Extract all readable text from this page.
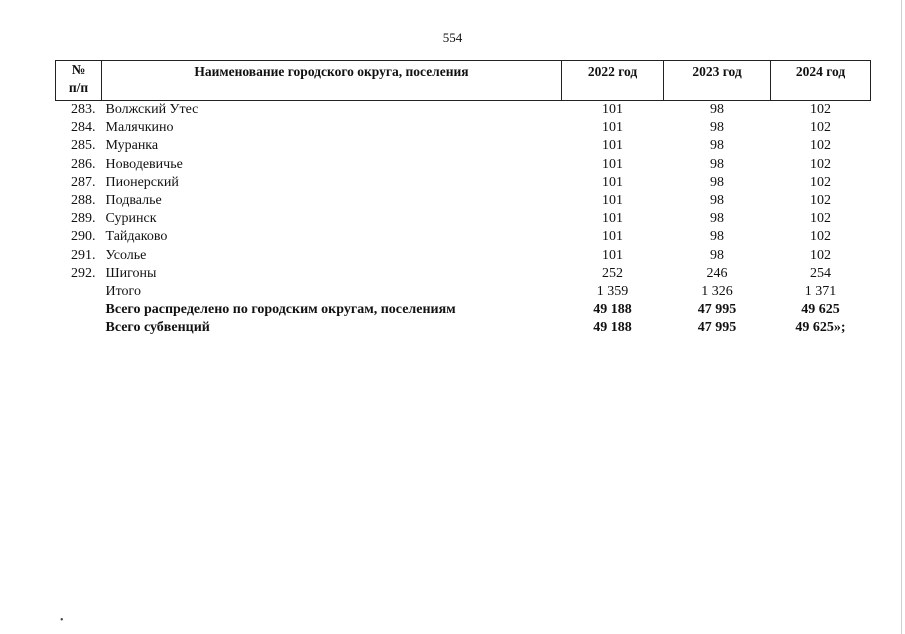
554
№
п/п	Наименование городского округа, поселения	2022 год	2023 год	2024 год
283.	Волжский Утес	101	98	102
284.	Малячкино	101	98	102
285.	Муранка	101	98	102
286.	Новодевичье	101	98	102
287.	Пионерский	101	98	102
288.	Подвалье	101	98	102
289.	Суринск	101	98	102
290.	Тайдаково	101	98	102
291.	Усолье	101	98	102
292.	Шигоны	252	246	254
	Итого	1 359	1 326	1 371
	Всего распределено по городским округам, поселениям	49 188	47 995	49 625
	Всего субвенций	49 188	47 995	49 625»;
•
